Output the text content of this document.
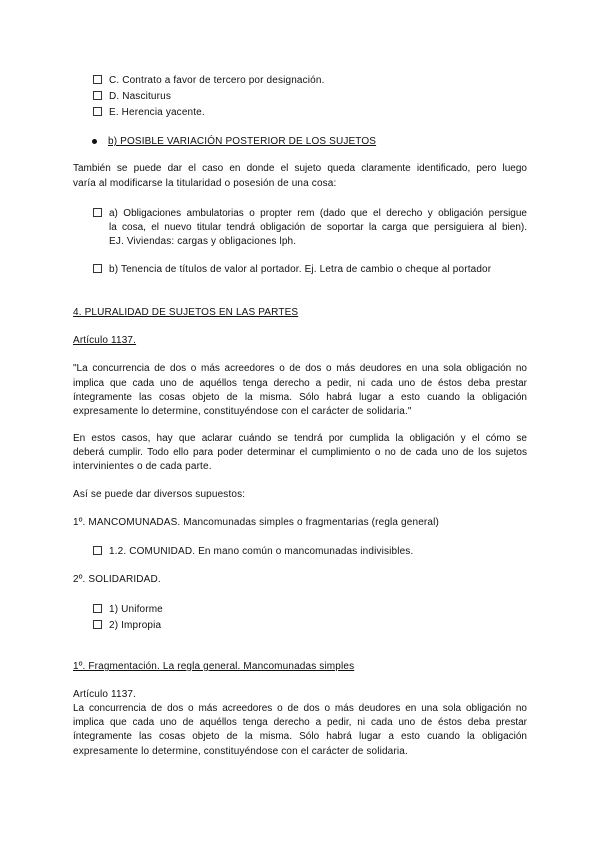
C. Contrato a favor de tercero por designación.
D. Nasciturus
E. Herencia yacente.
b) POSIBLE VARIACIÓN POSTERIOR DE LOS SUJETOS
También se puede dar el caso en donde el sujeto queda claramente identificado, pero luego
varía al modificarse la titularidad o posesión de una cosa:
a) Obligaciones ambulatorias o propter rem (dado que el derecho y obligación persigue
la cosa, el nuevo titular tendrá obligación de soportar la carga que persiguiera al bien).
EJ. Viviendas: cargas y obligaciones lph.
b) Tenencia de títulos de valor al portador. Ej. Letra de cambio o cheque al portador
4. PLURALIDAD DE SUJETOS EN LAS PARTES
Artículo 1137.
"La concurrencia de dos o más acreedores o de dos o más deudores en una sola obligación no
implica que cada uno de aquéllos tenga derecho a pedir, ni cada uno de éstos deba prestar
íntegramente las cosas objeto de la misma. Sólo habrá lugar a esto cuando la obligación
expresamente lo determine, constituyéndose con el carácter de solidaria."
En estos casos, hay que aclarar cuándo se tendrá por cumplida la obligación y el cómo se
deberá cumplir. Todo ello para poder determinar el cumplimiento o no de cada uno de los sujetos
intervinientes o de cada parte.
Así se puede dar diversos supuestos:
1º. MANCOMUNADAS. Mancomunadas simples o fragmentarias (regla general)
1.2. COMUNIDAD. En mano común o mancomunadas indivisibles.
2º. SOLIDARIDAD.
1) Uniforme
2) Impropia
1º. Fragmentación. La regla general. Mancomunadas simples
Artículo 1137.
La concurrencia de dos o más acreedores o de dos o más deudores en una sola obligación no
implica que cada uno de aquéllos tenga derecho a pedir, ni cada uno de éstos deba prestar
íntegramente las cosas objeto de la misma. Sólo habrá lugar a esto cuando la obligación
expresamente lo determine, constituyéndose con el carácter de solidaria.
